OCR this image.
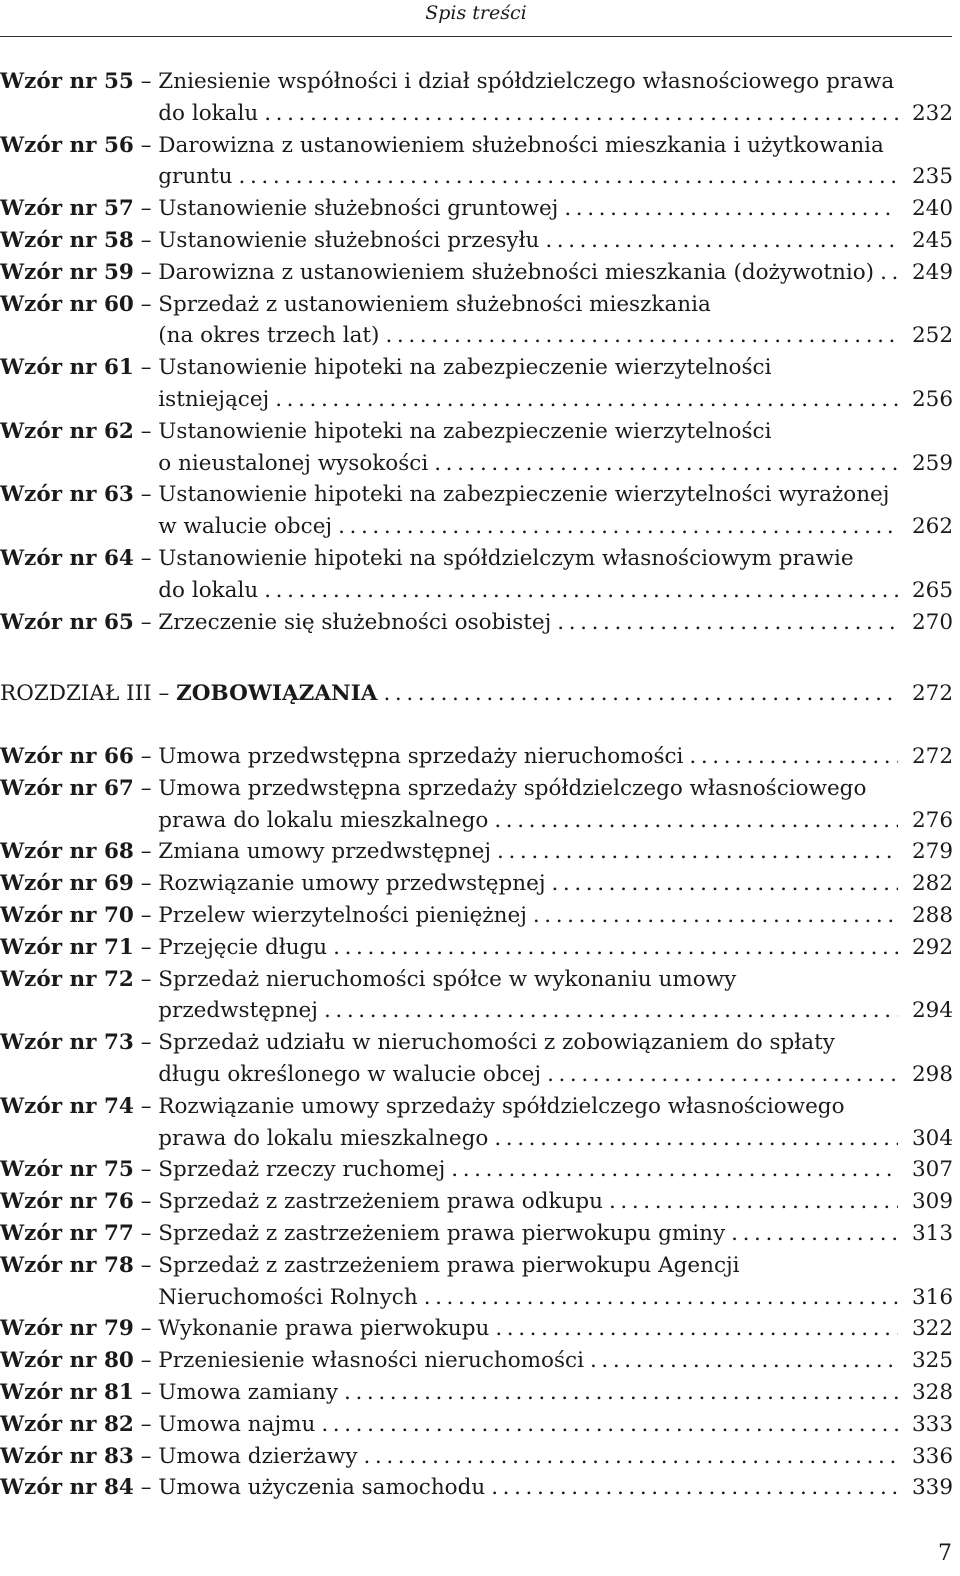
Spis treści
Wzór nr 55 – Zniesienie współności i dział spółdzielczego własnościowego prawa
do lokalu .....	232
Wzór nr 56 – Darowizna z ustanowieniem służebności mieszkania i użytkowania
gruntu .....	235
Wzór nr 57 – Ustanowienie służebności gruntowej .....	240
Wzór nr 58 – Ustanowienie służebności przesyłu .....	245
Wzór nr 59 – Darowizna z ustanowieniem służebności mieszkania (dożywotnio) ..... 249
Wzór nr 60 – Sprzedaż z ustanowieniem służebności mieszkania
(na okres trzech lat) .....	252
Wzór nr 61 – Ustanowienie hipoteki na zabezpieczenie wierzytelności
istniejącej .....	256
Wzór nr 62 – Ustanowienie hipoteki na zabezpieczenie wierzytelności
o nieustalonej wysokości .....	259
Wzór nr 63 – Ustanowienie hipoteki na zabezpieczenie wierzytelności wyrażonej
w walucie obcej .....	262
Wzór nr 64 – Ustanowienie hipoteki na spółdzielczym własnościowym prawie
do lokalu .....	265
Wzór nr 65 – Zrzeczenie się służebności osobistej .....	270
ROZDZIAŁ III – ZOBOWIĄZANIA .....	272
Wzór nr 66 – Umowa przedwstępna sprzedaży nieruchomości .....	272
Wzór nr 67 – Umowa przedwstępna sprzedaży spółdzielczego własnościowego
prawa do lokalu mieszkalnego .....	276
Wzór nr 68 – Zmiana umowy przedwstępnej .....	279
Wzór nr 69 – Rozwiązanie umowy przedwstępnej .....	282
Wzór nr 70 – Przelew wierzytelności pieniężnej .....	288
Wzór nr 71 – Przejęcie długu .....	292
Wzór nr 72 – Sprzedaż nieruchomości spółce w wykonaniu umowy
przedwstępnej .....	294
Wzór nr 73 – Sprzedaż udziału w nieruchomości z zobowiązaniem do spłaty
długu określonego w walucie obcej .....	298
Wzór nr 74 – Rozwiązanie umowy sprzedaży spółdzielczego własnościowego
prawa do lokalu mieszkalnego .....	304
Wzór nr 75 – Sprzedaż rzeczy ruchomej .....	307
Wzór nr 76 – Sprzedaż z zastrzeżeniem prawa odkupu .....	309
Wzór nr 77 – Sprzedaż z zastrzeżeniem prawa pierwokupu gminy .....	313
Wzór nr 78 – Sprzedaż z zastrzeżeniem prawa pierwokupu Agencji
Nieruchomości Rolnych .....	316
Wzór nr 79 – Wykonanie prawa pierwokupu .....	322
Wzór nr 80 – Przeniesienie własności nieruchomości .....	325
Wzór nr 81 – Umowa zamiany .....	328
Wzór nr 82 – Umowa najmu .....	333
Wzór nr 83 – Umowa dzierżawy .....	336
Wzór nr 84 – Umowa użyczenia samochodu .....	339
7
